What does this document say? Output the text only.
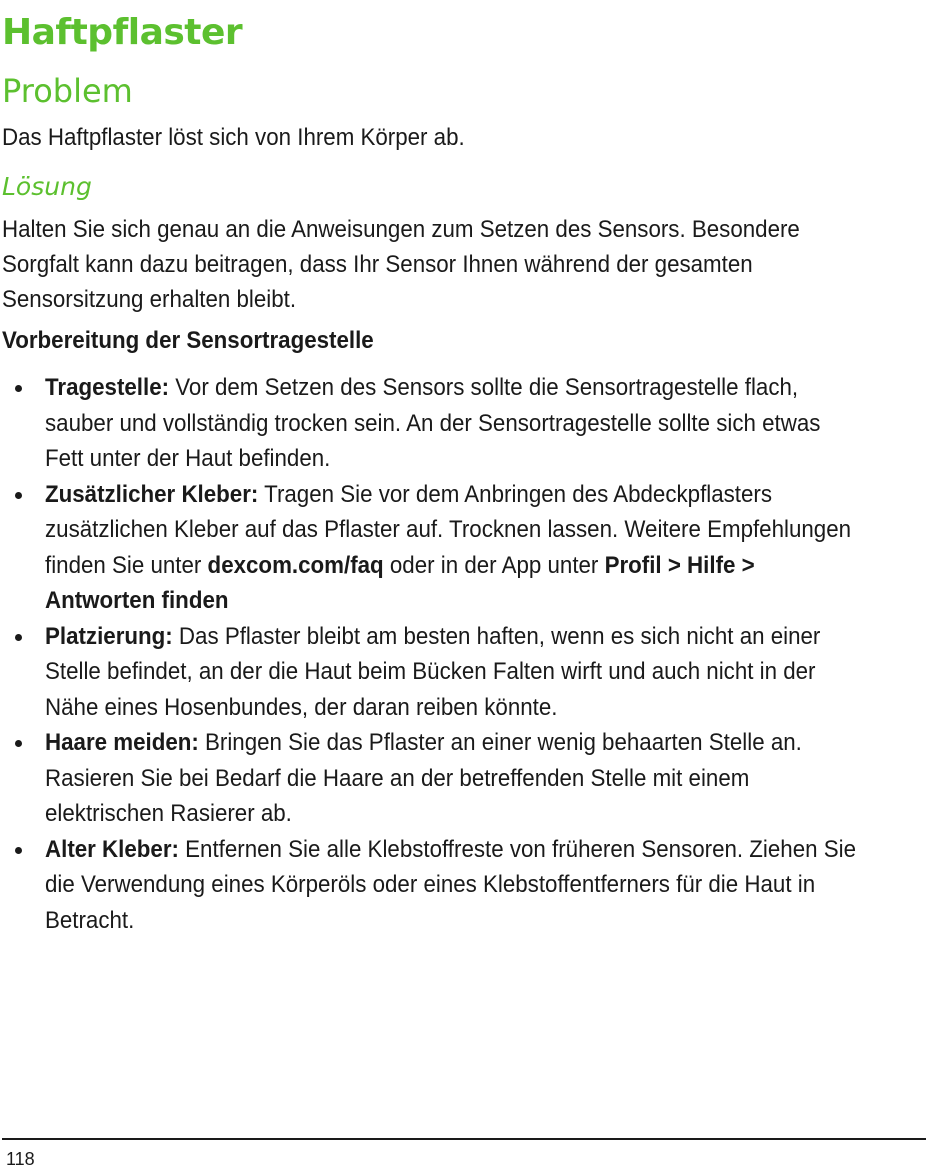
Haftpflaster
Problem
Das Haftpflaster löst sich von Ihrem Körper ab.
Lösung
Halten Sie sich genau an die Anweisungen zum Setzen des Sensors. Besondere
Sorgfalt kann dazu beitragen, dass Ihr Sensor Ihnen während der gesamten
Sensorsitzung erhalten bleibt.
Vorbereitung der Sensortragestelle
Tragestelle: Vor dem Setzen des Sensors sollte die Sensortragestelle flach,
sauber und vollständig trocken sein. An der Sensortragestelle sollte sich etwas
Fett unter der Haut befinden.
Zusätzlicher Kleber: Tragen Sie vor dem Anbringen des Abdeckpflasters
zusätzlichen Kleber auf das Pflaster auf. Trocknen lassen. Weitere Empfehlungen
finden Sie unter dexcom.com/faq oder in der App unter Profil > Hilfe >
Antworten finden
Platzierung: Das Pflaster bleibt am besten haften, wenn es sich nicht an einer
Stelle befindet, an der die Haut beim Bücken Falten wirft und auch nicht in der
Nähe eines Hosenbundes, der daran reiben könnte.
Haare meiden: Bringen Sie das Pflaster an einer wenig behaarten Stelle an.
Rasieren Sie bei Bedarf die Haare an der betreffenden Stelle mit einem
elektrischen Rasierer ab.
Alter Kleber: Entfernen Sie alle Klebstoffreste von früheren Sensoren. Ziehen Sie
die Verwendung eines Körperöls oder eines Klebstoffentferners für die Haut in
Betracht.
118
